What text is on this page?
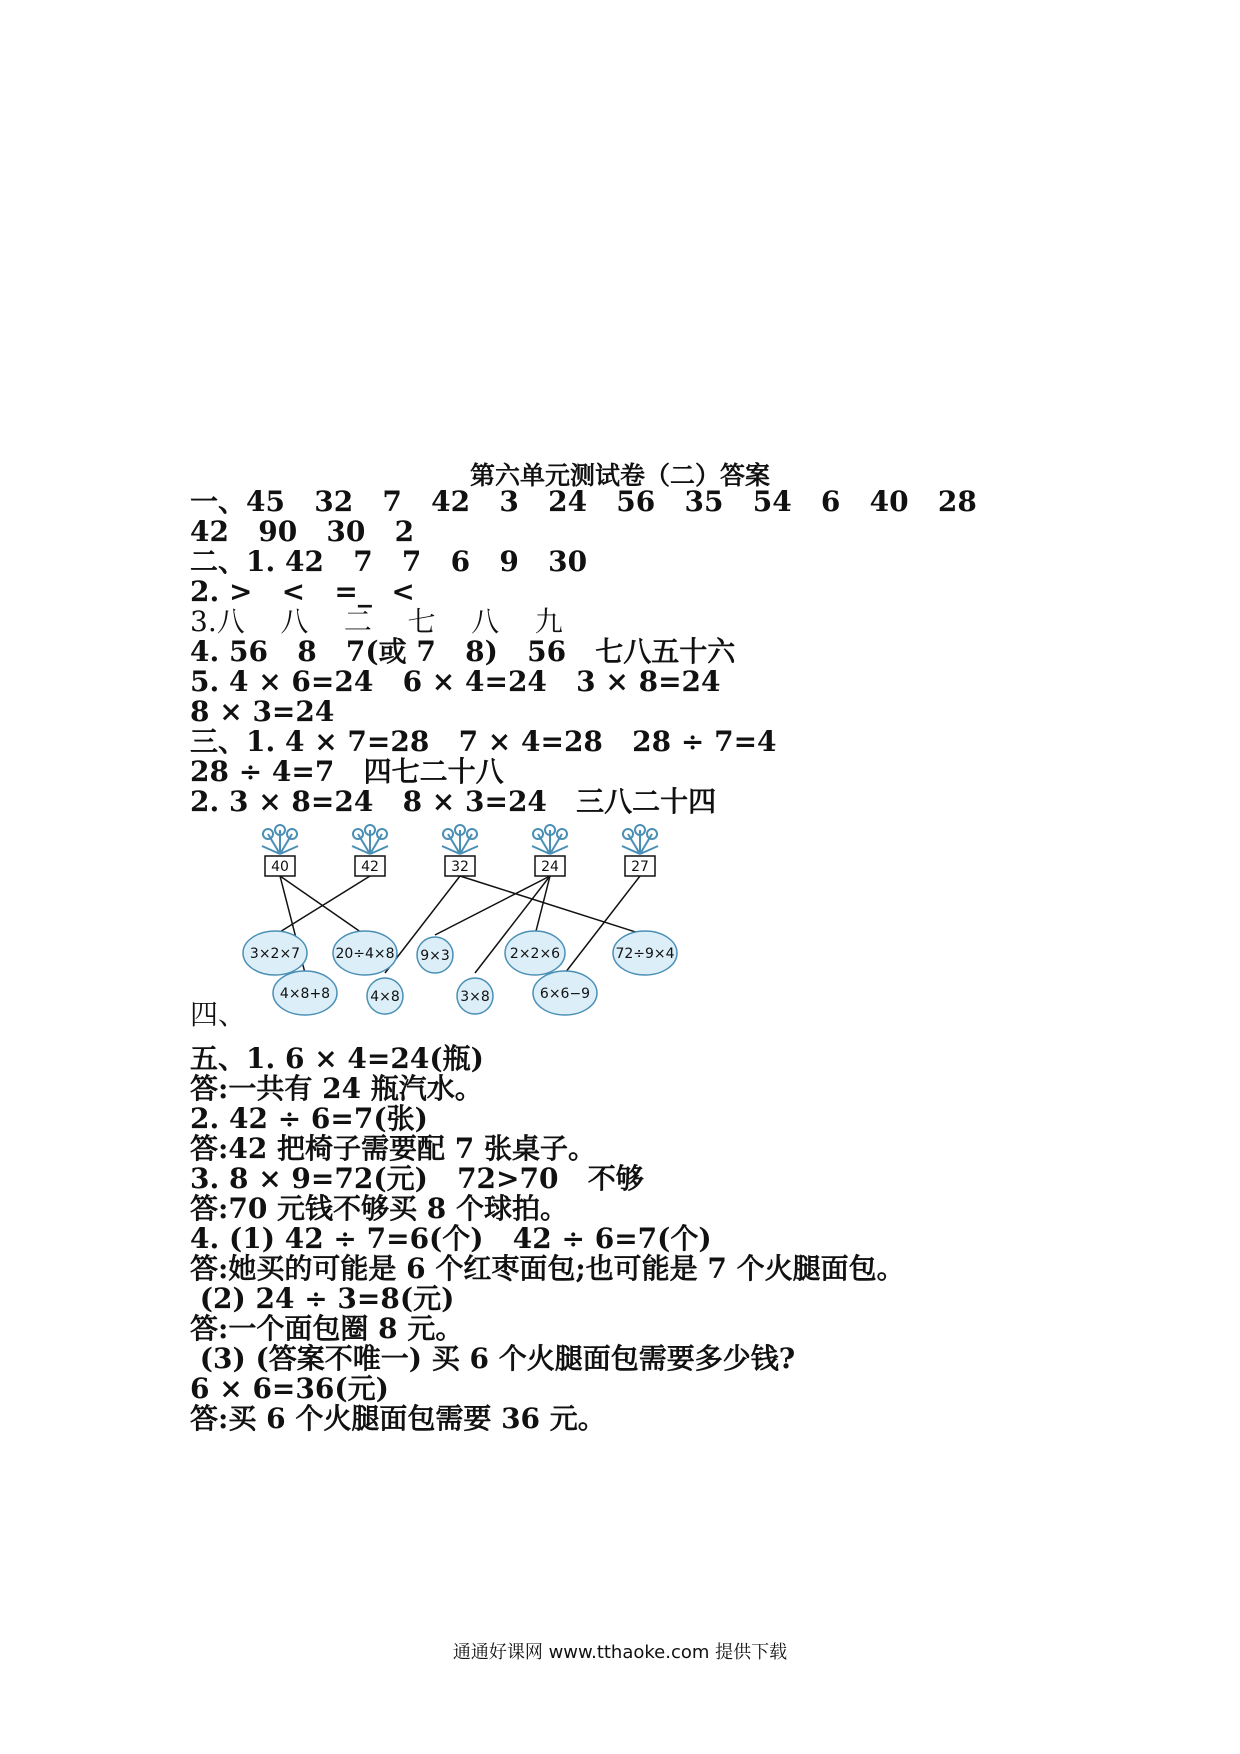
第六单元测试卷（二）答案
一、45   32   7   42   3   24   56   35   54   6   40   28
42   90   30   2
二、1. 42   7   7   6   9   30
2. >   <   =_  <
3.八    八    二    七    八    九
4. 56   8   7(或 7   8)   56   七八五十六
5. 4 × 6=24   6 × 4=24   3 × 8=24
8 × 3=24
三、1. 4 × 7=28   7 × 4=28   28 ÷ 7=4
28 ÷ 4=7   四七二十八
2. 3 × 8=24   8 × 3=24   三八二十四
40	42	32	24	27
3×2×7	20÷4×8 9×3	2×2×6	72÷9×4
4×8+8	4×8	3×8	6×6−9
四、
五、1. 6 × 4=24(瓶)
答:一共有 24 瓶汽水。
2. 42 ÷ 6=7(张)
答:42 把椅子需要配 7 张桌子。
3. 8 × 9=72(元)   72>70   不够
答:70 元钱不够买 8 个球拍。
4. (1) 42 ÷ 7=6(个)   42 ÷ 6=7(个)
答:她买的可能是 6 个红枣面包;也可能是 7 个火腿面包。
(2) 24 ÷ 3=8(元)
答:一个面包圈 8 元。
(3) (答案不唯一) 买 6 个火腿面包需要多少钱?
6 × 6=36(元)
答:买 6 个火腿面包需要 36 元。
通通好课网 www.tthaoke.com 提供下载
